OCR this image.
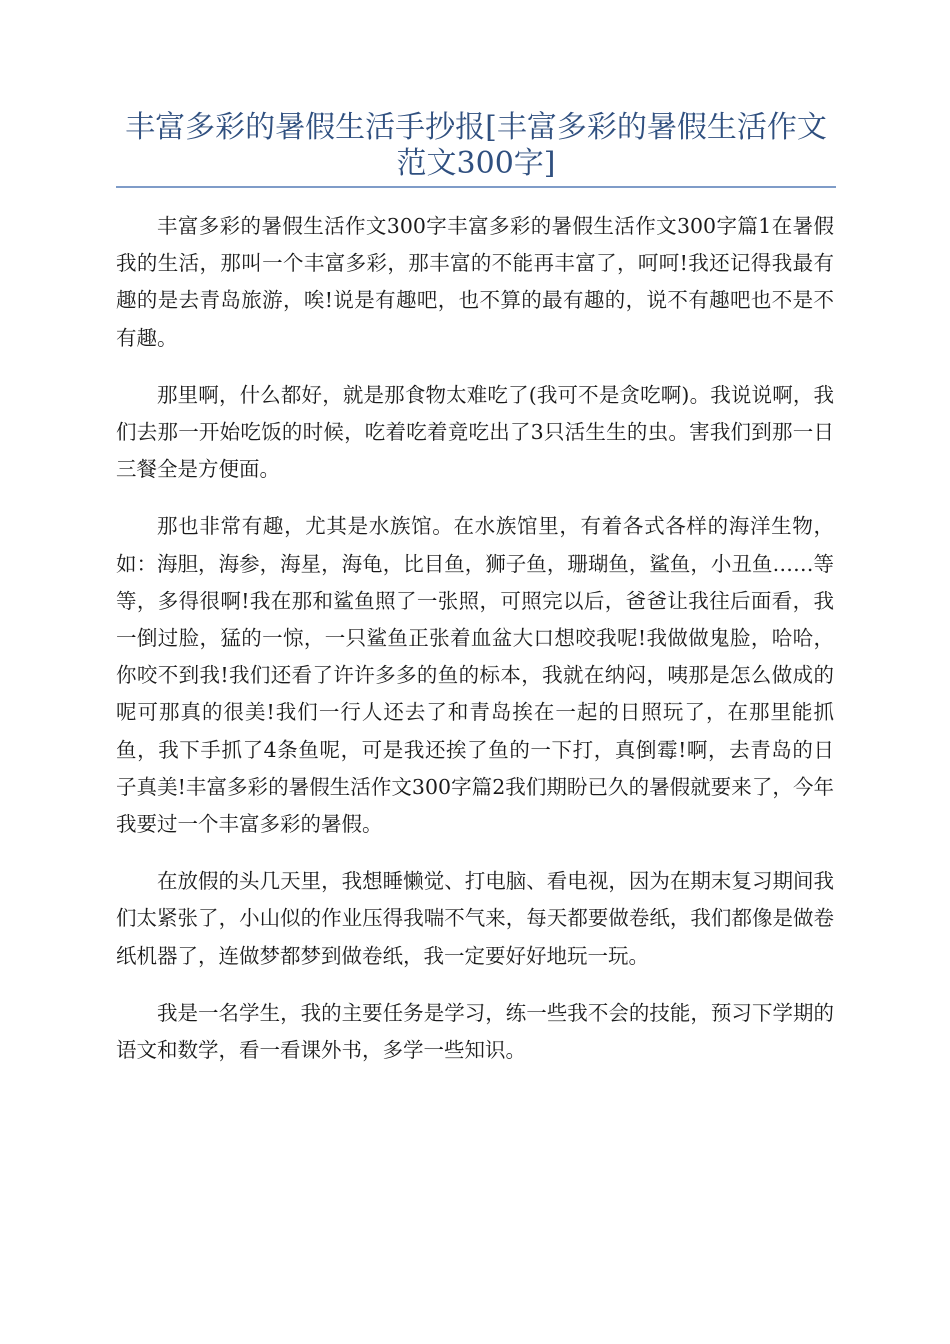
丰富多彩的暑假生活手抄报[丰富多彩的暑假生活作文范文300字]

丰富多彩的暑假生活作文300字丰富多彩的暑假生活作文300字篇1在暑假我的生活，那叫一个丰富多彩，那丰富的不能再丰富了，呵呵!我还记得我最有趣的是去青岛旅游，唉!说是有趣吧，也不算的最有趣的，说不有趣吧也不是不有趣。

那里啊，什么都好，就是那食物太难吃了(我可不是贪吃啊)。我说说啊，我们去那一开始吃饭的时候，吃着吃着竟吃出了3只活生生的虫。害我们到那一日三餐全是方便面。

那也非常有趣，尤其是水族馆。在水族馆里，有着各式各样的海洋生物，如：海胆，海参，海星，海龟，比目鱼，狮子鱼，珊瑚鱼，鲨鱼，小丑鱼……等等，多得很啊!我在那和鲨鱼照了一张照，可照完以后，爸爸让我往后面看，我一倒过脸，猛的一惊，一只鲨鱼正张着血盆大口想咬我呢!我做做鬼脸，哈哈，你咬不到我!我们还看了许许多多的鱼的标本，我就在纳闷，咦那是怎么做成的呢可那真的很美!我们一行人还去了和青岛挨在一起的日照玩了，在那里能抓鱼，我下手抓了4条鱼呢，可是我还挨了鱼的一下打，真倒霉!啊，去青岛的日子真美!丰富多彩的暑假生活作文300字篇2我们期盼已久的暑假就要来了，今年我要过一个丰富多彩的暑假。

在放假的头几天里，我想睡懒觉、打电脑、看电视，因为在期末复习期间我们太紧张了，小山似的作业压得我喘不气来，每天都要做卷纸，我们都像是做卷纸机器了，连做梦都梦到做卷纸，我一定要好好地玩一玩。

我是一名学生，我的主要任务是学习，练一些我不会的技能，预习下学期的语文和数学，看一看课外书，多学一些知识。
